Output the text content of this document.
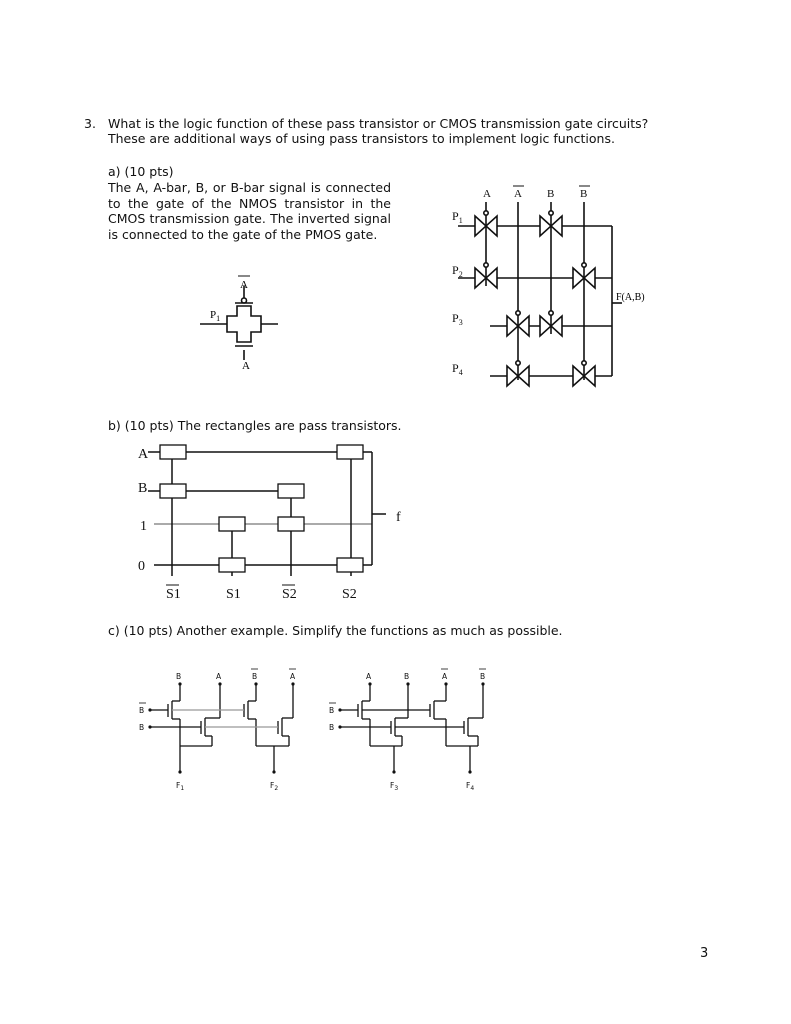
3. What is the logic function of these pass transistor or CMOS transmission gate circuits?

These are additional ways of using pass transistors to implement logic functions.

a) (10 pts)

The A, A-bar, B, or B-bar signal is connected to the gate of the NMOS transistor in the CMOS transmission gate. The inverted signal is connected to the gate of the PMOS gate.

A
A
$P_1$
A A B B
$P_1$
$P_2$
$P_3$
$P_4$
F(A,B)

b) (10 pts) The rectangles are pass transistors.

A
B
1
0
S1	S1	S2	S2
f

c) (10 pts) Another example. Simplify the functions as much as possible.

B	A	B	A
B
B
$F_1$	$F_2$
A	B	A	B
B
B
$F_3$	$F_4$
3
